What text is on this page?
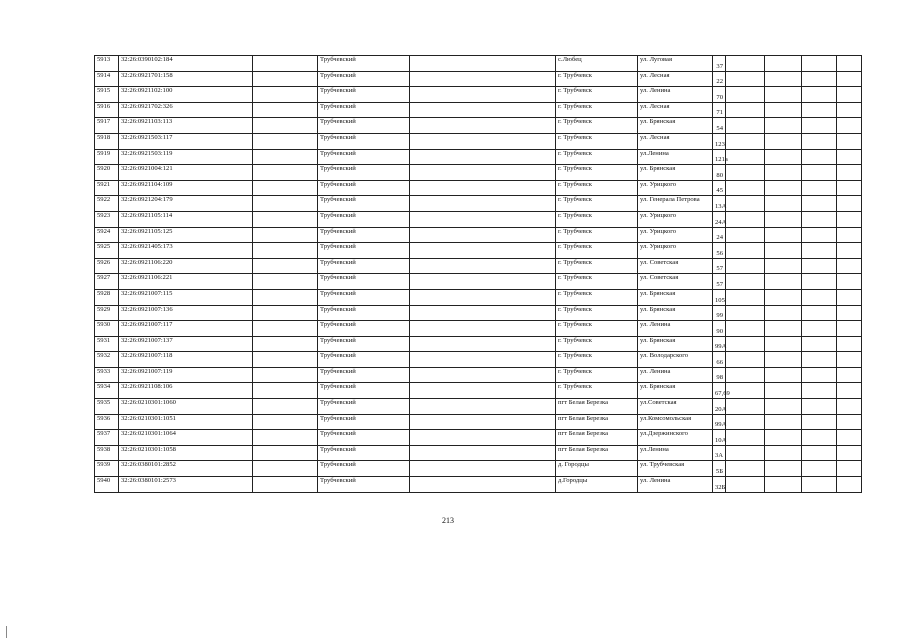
5913	32:26:0390102:184		Трубчевский		с.Любец	ул. Луговая	37				
5914	32:26:0921701:158		Трубчевский		г. Трубчевск	ул. Лесная	22				
5915	32:26:0921102:100		Трубчевский		г. Трубчевск	ул. Ленина	70				
5916	32:26:0921702:326		Трубчевский		г. Трубчевск	ул. Лесная	71				
5917	32:26:0921103:113		Трубчевский		г. Трубчевск	ул. Брянская	54				
5918	32:26:0921503:117		Трубчевский		г. Трубчевск	ул. Лесная	123				
5919	32:26:0921503:119		Трубчевский		г. Трубчевск	ул.Ленина	121а				
5920	32:26:0921004:121		Трубчевский		г. Трубчевск	ул. Брянская	80				
5921	32:26:0921104:109		Трубчевский		г. Трубчевск	ул. Урицкого	45				
5922	32:26:0921204:179		Трубчевский		г. Трубчевск	ул. Генерала Петрова	13А				
5923	32:26:0921105:114		Трубчевский		г. Трубчевск	ул. Урицкого	24А				
5924	32:26:0921105:125		Трубчевский		г. Трубчевск	ул. Урицкого	24				
5925	32:26:0921405:173		Трубчевский		г. Трубчевск	ул. Урицкого	56				
5926	32:26:0921106:220		Трубчевский		г. Трубчевск	ул. Советская	57				
5927	32:26:0921106:221		Трубчевский		г. Трубчевск	ул. Советская	57				
5928	32:26:0921007:115		Трубчевский		г. Трубчевск	ул. Брянская	105				
5929	32:26:0921007:136		Трубчевский		г. Трубчевск	ул. Брянская	99				
5930	32:26:0921007:117		Трубчевский		г. Трубчевск	ул. Ленина	90				
5931	32:26:0921007:137		Трубчевский		г. Трубчевск	ул. Брянская	99А				
5932	32:26:0921007:118		Трубчевский		г. Трубчевск	ул. Володарского	66				
5933	32:26:0921007:119		Трубчевский		г. Трубчевск	ул. Ленина	98				
5934	32:26:0921108:106		Трубчевский		г. Трубчевск	ул. Брянская	67,69				
5935	32:26:0210301:1060		Трубчевский		пгт Белая Березка	ул.Советская	20А				
5936	32:26:0210301:1051		Трубчевский		пгт Белая Березка	ул.Комсомольская	99А				
5937	32:26:0210301:1064		Трубчевский		пгт Белая Березка	ул.Дзержинского	10А				
5938	32:26:0210301:1058		Трубчевский		пгт Белая Березка	ул.Ленина	3А				
5939	32:26:0380101:2852		Трубчевский		д. Городцы	ул. Трубчевская	5Б				
5940	32:26:0380101:2573		Трубчевский		д.Городцы	ул. Ленина	32Б				
213
